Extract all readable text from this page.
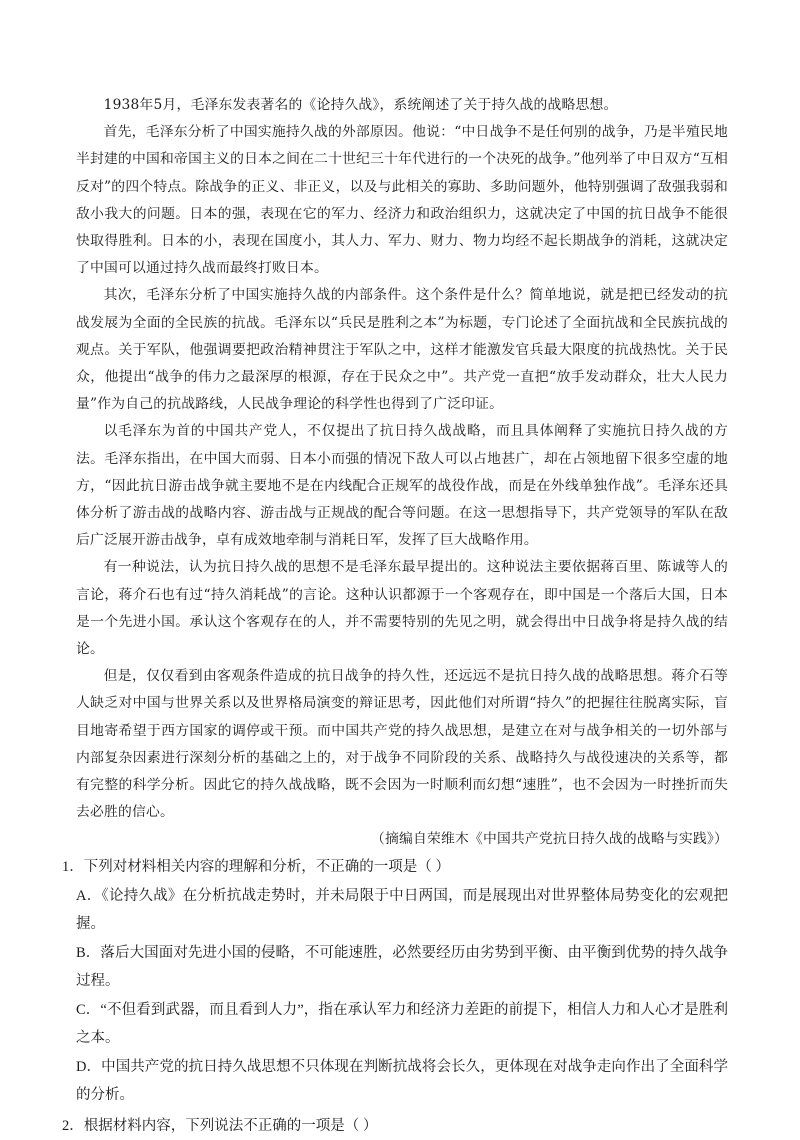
1938年5月，毛泽东发表著名的《论持久战》，系统阐述了关于持久战的战略思想。

首先，毛泽东分析了中国实施持久战的外部原因。他说：“中日战争不是任何别的战争，乃是半殖民地半封建的中国和帝国主义的日本之间在二十世纪三十年代进行的一个决死的战争。”他列举了中日双方“互相反对”的四个特点。除战争的正义、非正义，以及与此相关的寡助、多助问题外，他特别强调了敌强我弱和敌小我大的问题。日本的强，表现在它的军力、经济力和政治组织力，这就决定了中国的抗日战争不能很快取得胜利。日本的小，表现在国度小，其人力、军力、财力、物力均经不起长期战争的消耗，这就决定了中国可以通过持久战而最终打败日本。

其次，毛泽东分析了中国实施持久战的内部条件。这个条件是什么？简单地说，就是把已经发动的抗战发展为全面的全民族的抗战。毛泽东以“兵民是胜利之本”为标题，专门论述了全面抗战和全民族抗战的观点。关于军队，他强调要把政治精神贯注于军队之中，这样才能激发官兵最大限度的抗战热忱。关于民众，他提出“战争的伟力之最深厚的根源，存在于民众之中”。共产党一直把“放手发动群众，壮大人民力量”作为自己的抗战路线，人民战争理论的科学性也得到了广泛印证。

以毛泽东为首的中国共产党人，不仅提出了抗日持久战战略，而且具体阐释了实施抗日持久战的方法。毛泽东指出，在中国大而弱、日本小而强的情况下敌人可以占地甚广，却在占领地留下很多空虚的地方，“因此抗日游击战争就主要地不是在内线配合正规军的战役作战，而是在外线单独作战”。毛泽东还具体分析了游击战的战略内容、游击战与正规战的配合等问题。在这一思想指导下，共产党领导的军队在敌后广泛展开游击战争，卓有成效地牵制与消耗日军，发挥了巨大战略作用。

有一种说法，认为抗日持久战的思想不是毛泽东最早提出的。这种说法主要依据蒋百里、陈诚等人的言论，蒋介石也有过“持久消耗战”的言论。这种认识都源于一个客观存在，即中国是一个落后大国，日本是一个先进小国。承认这个客观存在的人，并不需要特别的先见之明，就会得出中日战争将是持久战的结论。

但是，仅仅看到由客观条件造成的抗日战争的持久性，还远远不是抗日持久战的战略思想。蒋介石等人缺乏对中国与世界关系以及世界格局演变的辩证思考，因此他们对所谓“持久”的把握往往脱离实际，盲目地寄希望于西方国家的调停或干预。而中国共产党的持久战思想，是建立在对与战争相关的一切外部与内部复杂因素进行深刻分析的基础之上的，对于战争不同阶段的关系、战略持久与战役速决的关系等，都有完整的科学分析。因此它的持久战战略，既不会因为一时顺利而幻想“速胜”，也不会因为一时挫折而失去必胜的信心。

（摘编自荣维木《中国共产党抗日持久战的战略与实践》）

1．下列对材料相关内容的理解和分析，不正确的一项是（ ）

A．《论持久战》在分析抗战走势时，并未局限于中日两国，而是展现出对世界整体局势变化的宏观把握。

B．落后大国面对先进小国的侵略，不可能速胜，必然要经历由劣势到平衡、由平衡到优势的持久战争过程。

C．“不但看到武器，而且看到人力”，指在承认军力和经济力差距的前提下，相信人力和人心才是胜利之本。

D．中国共产党的抗日持久战思想不只体现在判断抗战将会长久，更体现在对战争走向作出了全面科学的分析。

2．根据材料内容，下列说法不正确的一项是（ ）
